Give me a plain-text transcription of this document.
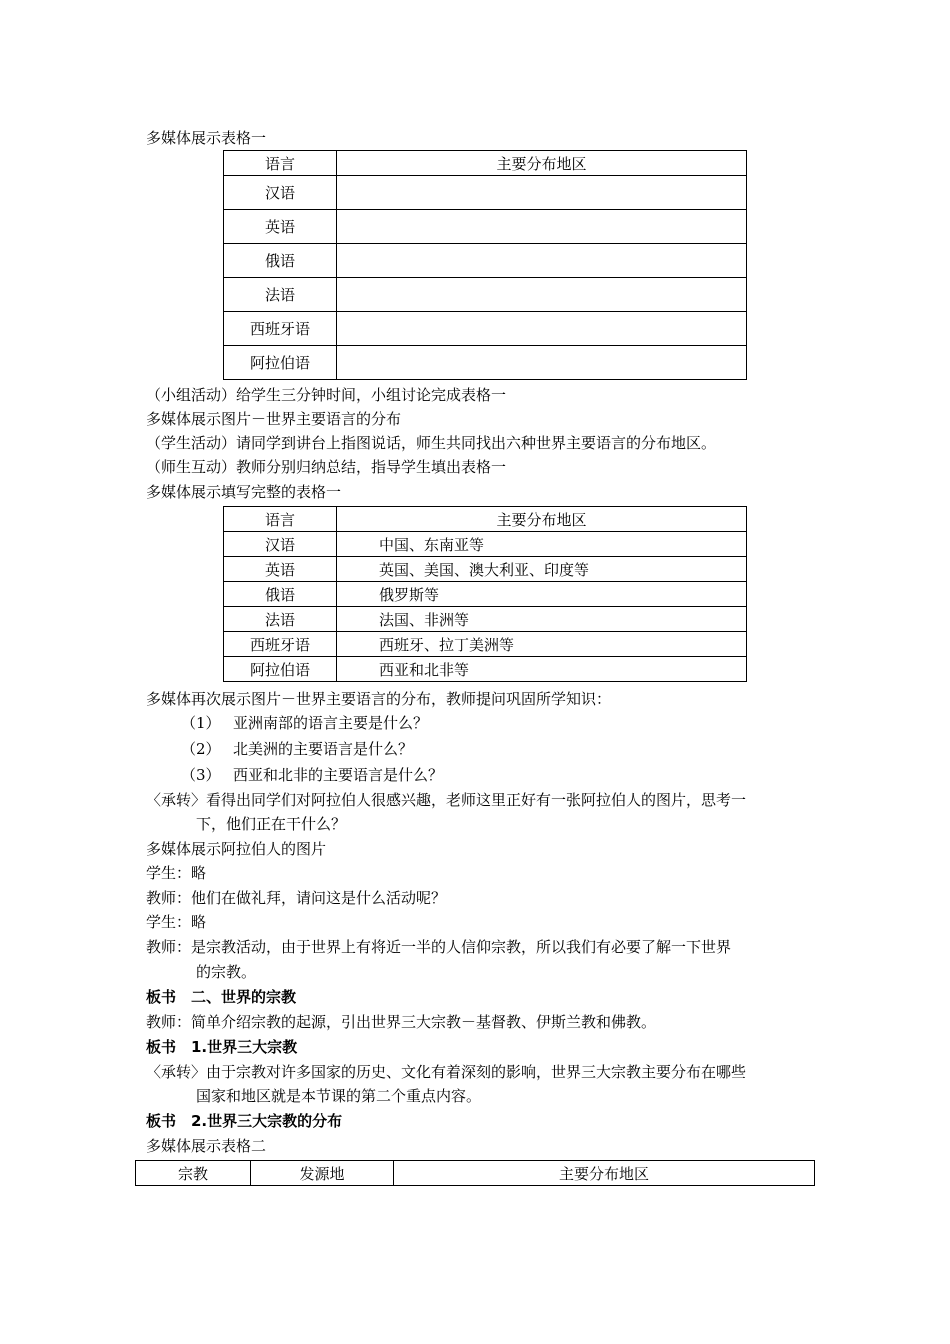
多媒体展示表格一
语言	主要分布地区
汉语	
英语	
俄语	
法语	
西班牙语	
阿拉伯语	
（小组活动）给学生三分钟时间，小组讨论完成表格一
多媒体展示图片－世界主要语言的分布
（学生活动）请同学到讲台上指图说话，师生共同找出六种世界主要语言的分布地区。
（师生互动）教师分别归纳总结，指导学生填出表格一
多媒体展示填写完整的表格一
语言	主要分布地区
汉语	中国、东南亚等
英语	英国、美国、澳大利亚、印度等
俄语	俄罗斯等
法语	法国、非洲等
西班牙语	西班牙、拉丁美洲等
阿拉伯语	西亚和北非等
多媒体再次展示图片－世界主要语言的分布，教师提问巩固所学知识：
（1） 亚洲南部的语言主要是什么？
（2） 北美洲的主要语言是什么？
（3） 西亚和北非的主要语言是什么？
〈承转〉看得出同学们对阿拉伯人很感兴趣，老师这里正好有一张阿拉伯人的图片，思考一
下，他们正在干什么？
多媒体展示阿拉伯人的图片
学生：略
教师：他们在做礼拜，请问这是什么活动呢？
学生：略
教师：是宗教活动，由于世界上有将近一半的人信仰宗教，所以我们有必要了解一下世界
的宗教。
板书　二、世界的宗教
教师：简单介绍宗教的起源，引出世界三大宗教－基督教、伊斯兰教和佛教。
板书　1.世界三大宗教
〈承转〉由于宗教对许多国家的历史、文化有着深刻的影响，世界三大宗教主要分布在哪些
国家和地区就是本节课的第二个重点内容。
板书　2.世界三大宗教的分布
多媒体展示表格二
宗教	发源地	主要分布地区
